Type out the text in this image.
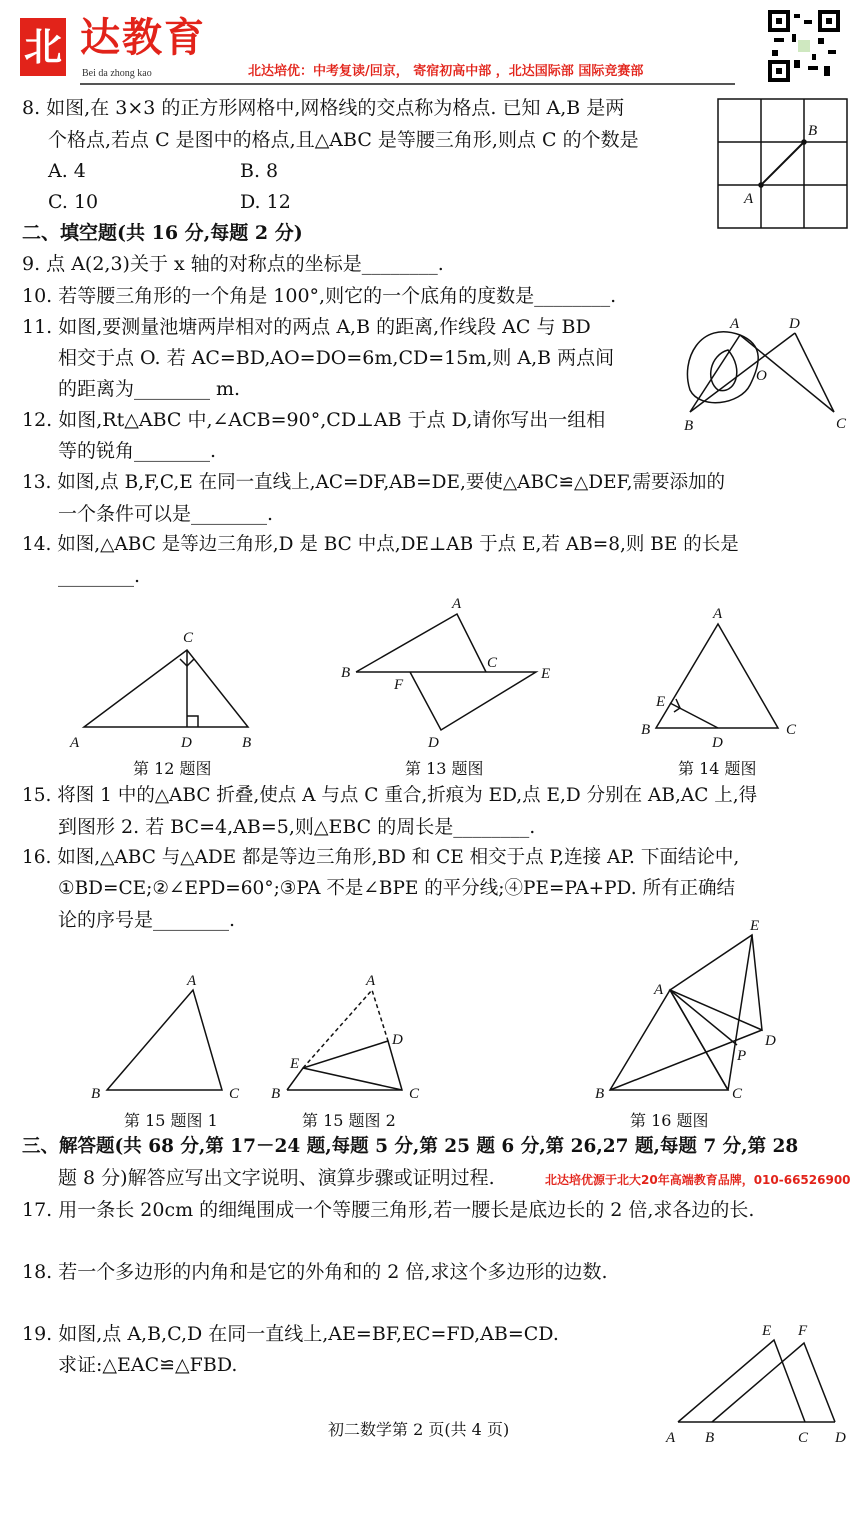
北 达教育
Bei da zhong kao	北达培优：中考复读/回京， 寄宿初高中部 ，北达国际部 国际竞赛部
8. 如图,在 3×3 的正方形网格中,网格线的交点称为格点. 已知 A,B 是两
个格点,若点 C 是图中的格点,且△ABC 是等腰三角形,则点 C 的个数是
A. 4	B. 8
C. 10	D. 12
二、填空题(共 16 分,每题 2 分)
9. 点 A(2,3)关于 x 轴的对称点的坐标是________.
10. 若等腰三角形的一个角是 100°,则它的一个底角的度数是________.
11. 如图,要测量池塘两岸相对的两点 A,B 的距离,作线段 AC 与 BD
相交于点 O. 若 AC=BD,AO=DO=6m,CD=15m,则 A,B 两点间
的距离为________ m.
12. 如图,Rt△ABC 中,∠ACB=90°,CD⊥AB 于点 D,请你写出一组相
等的锐角________.
13. 如图,点 B,F,C,E 在同一直线上,AC=DF,AB=DE,要使△ABC≌△DEF,需要添加的
一个条件可以是________.
14. 如图,△ABC 是等边三角形,D 是 BC 中点,DE⊥AB 于点 E,若 AB=8,则 BE 的长是
________.
15. 将图 1 中的△ABC 折叠,使点 A 与点 C 重合,折痕为 ED,点 E,D 分别在 AB,AC 上,得
到图形 2. 若 BC=4,AB=5,则△EBC 的周长是________.
16. 如图,△ABC 与△ADE 都是等边三角形,BD 和 CE 相交于点 P,连接 AP. 下面结论中,
①BD=CE;②∠EPD=60°;③PA 不是∠BPE 的平分线;④PE=PA+PD. 所有正确结
论的序号是________.
三、解答题(共 68 分,第 17－24 题,每题 5 分,第 25 题 6 分,第 26,27 题,每题 7 分,第 28
题 8 分)解答应写出文字说明、演算步骤或证明过程.
17. 用一条长 20cm 的细绳围成一个等腰三角形,若一腰长是底边长的 2 倍,求各边的长.
18. 若一个多边形的内角和是它的外角和的 2 倍,求这个多边形的边数.
19. 如图,点 A,B,C,D 在同一直线上,AE=BF,EC=FD,AB=CD.
求证:△EAC≌△FBD.
北达培优源于北大20年高端教育品牌，010-66526900
第 12 题图	第 13 题图	第 14 题图
第 15 题图 1	第 15 题图 2	第 16 题图
初二数学第 2 页(共 4 页)
B
A
A	D
O
B	C
C
A	D	B
A
B
C
E
F
D
A
E
B
D
C
A
B	C
A
D
E
B	C
E
A
D
P
B	C
E F
A B	C D
